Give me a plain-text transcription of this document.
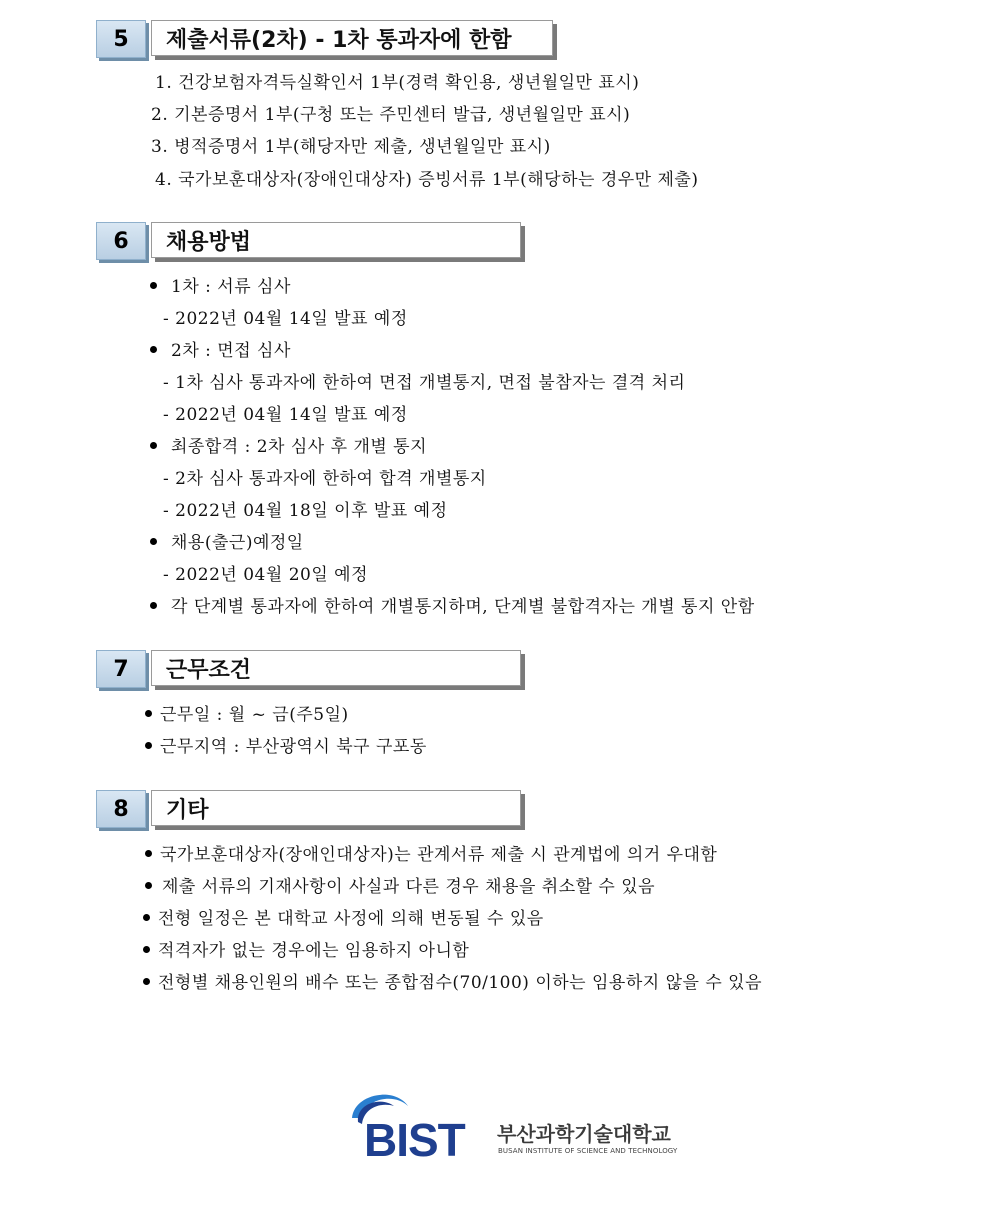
5	제출서류(2차) - 1차 통과자에 한함
1. 건강보험자격득실확인서 1부(경력 확인용, 생년월일만 표시)
2. 기본증명서 1부(구청 또는 주민센터 발급, 생년월일만 표시)
3. 병적증명서 1부(해당자만 제출, 생년월일만 표시)
4. 국가보훈대상자(장애인대상자) 증빙서류 1부(해당하는 경우만 제출)
6	채용방법
1차 : 서류 심사
- 2022년 04월 14일 발표 예정
2차 : 면접 심사
- 1차 심사 통과자에 한하여 면접 개별통지, 면접 불참자는 결격 처리
- 2022년 04월 14일 발표 예정
최종합격 : 2차 심사 후 개별 통지
- 2차 심사 통과자에 한하여 합격 개별통지
- 2022년 04월 18일 이후 발표 예정
채용(출근)예정일
- 2022년 04월 20일 예정
각 단계별 통과자에 한하여 개별통지하며, 단계별 불합격자는 개별 통지 안함
7	근무조건
근무일 : 월 ~ 금(주5일)
근무지역 : 부산광역시 북구 구포동
8	기타
국가보훈대상자(장애인대상자)는 관계서류 제출 시 관계법에 의거 우대함
제출 서류의 기재사항이 사실과 다른 경우 채용을 취소할 수 있음
전형 일정은 본 대학교 사정에 의해 변동될 수 있음
적격자가 없는 경우에는 임용하지 아니함
전형별 채용인원의 배수 또는 종합점수(70/100) 이하는 임용하지 않을 수 있음
BIST 부산과학기술대학교
BUSAN INSTITUTE OF SCIENCE AND TECHNOLOGY
